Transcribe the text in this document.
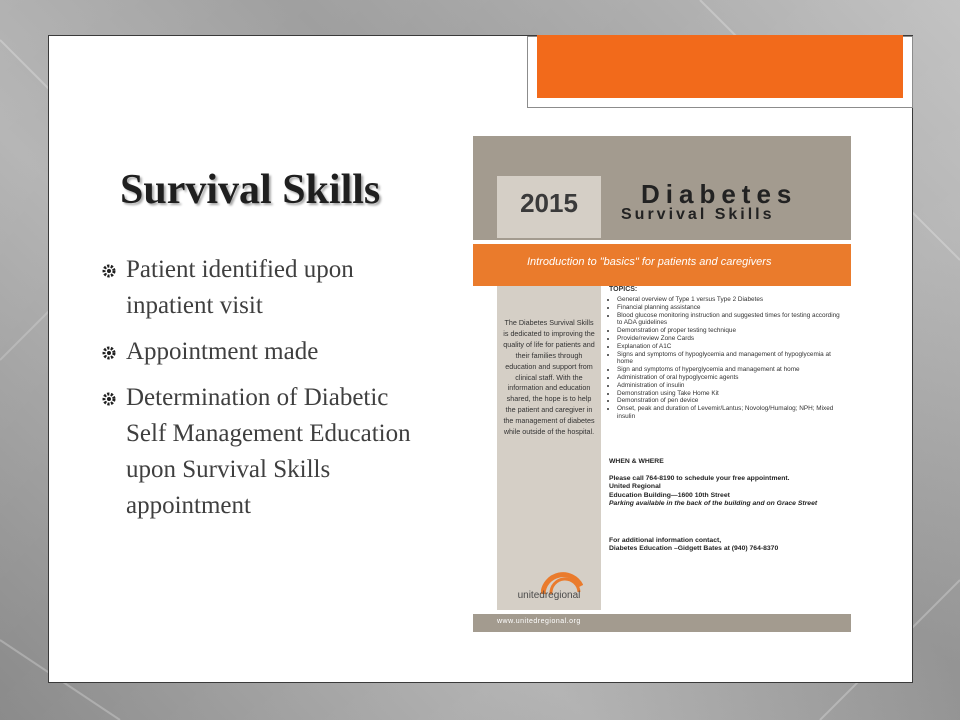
Survival Skills
Patient identified upon inpatient visit
Appointment made
Determination of Diabetic Self Management Education upon Survival Skills appointment
2015	Diabetes
Survival Skills
Introduction to "basics" for patients and caregivers

The Diabetes Survival Skills is dedicated to improving the quality of life for patients and their families through education and support from clinical staff. With the information and education shared, the hope is to help the patient and caregiver in the management of diabetes while outside of the hospital.

unitedregional
TOPICS:
• General overview of Type 1 versus Type 2 Diabetes
• Financial planning assistance
• Blood glucose monitoring instruction and suggested times for testing according to ADA guidelines
• Demonstration of proper testing technique
• Provide/review Zone Cards
• Explanation of A1C
• Signs and symptoms of hypoglycemia and management of hypoglycemia at home
• Sign and symptoms of hyperglycemia and management at home
• Administration of oral hypoglycemic agents
• Administration of insulin
• Demonstration using Take Home Kit
• Demonstration of pen device
• Onset, peak and duration of Levemir/Lantus; Novolog/Humalog; NPH; Mixed insulin
WHEN & WHERE
Please call 764-8190 to schedule your free appointment.
United Regional
Education Building—1600 10th Street
Parking available in the back of the building and on Grace Street
For additional information contact,
Diabetes Education –Gidgett Bates at (940) 764-8370
www.unitedregional.org
